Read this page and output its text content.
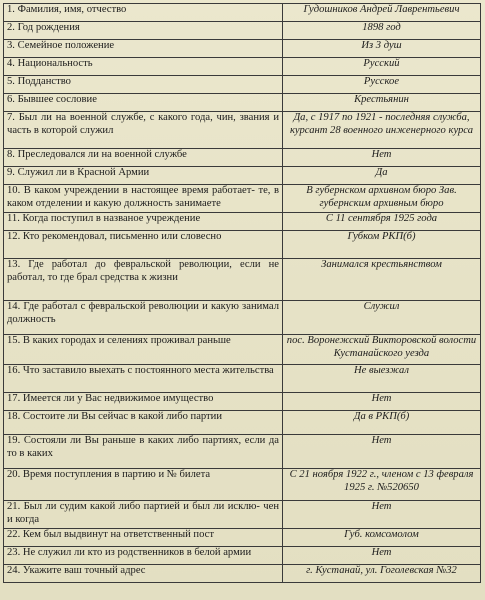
1. Фамилия, имя, отчество	Гудошников Андрей Лаврентьевич
2. Год рождения	1898 год
3. Семейное положение	Из 3 душ
4. Национальность	Русский
5. Подданство	Русское
6. Бывшее сословие	Крестьянин
7. Был ли на военной службе, с какого года, чин, звания и часть в которой служил	Да, с 1917 по 1921 - последняя служба, курсант 28 военного инженерного курса
8. Преследовался ли на военной службе	Нет
9. Служил ли в Красной Армии	Да
10. В каком учреждении в настоящее время работает- те, в каком отделении и какую должность занимаете	В губернском архивном бюро Зав. губернским архивным бюро
11. Когда поступил в названое учреждение	С 11 сентября 1925 года
12. Кто рекомендовал, письменно или словесно	Губком РКП(б)
13. Где работал до февральской революции, если не работал, то где брал средства к жизни	Занимался крестьянством
14. Где работал с февральской революции и какую занимал должность	Служил
15. В каких городах и селениях проживал раньше	пос. Воронежский Викторовской волости Кустанайского уезда
16. Что заставило выехать с постоянного места жительства	Не выезжал
17. Имеется ли у Вас недвижимое имущество	Нет
18. Состоите ли Вы сейчас в какой либо партии	Да в РКП(б)
19. Состояли ли Вы раньше в каких либо партиях, если да то в каких	Нет
20. Время поступления в партию и № билета	С 21 ноября 1922 г., членом с 13 февраля 1925 г. №520650
21. Был ли судим какой либо партией и был ли исклю- чен и когда	Нет
22. Кем был выдвинут на ответственный пост	Губ. комсомолом
23. Не служил ли кто из родственников в белой армии	Нет
24. Укажите ваш точный адрес	г. Кустанай, ул. Гоголевская №32
